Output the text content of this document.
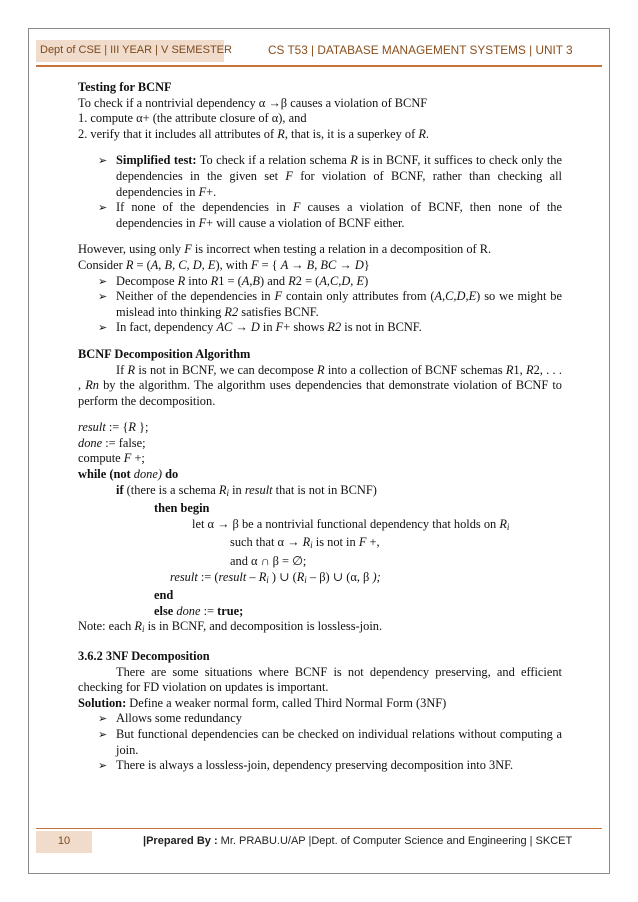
Dept of CSE | III YEAR | V SEMESTER	CS T53 | DATABASE MANAGEMENT SYSTEMS | UNIT 3

Testing for BCNF

To check if a nontrivial dependency α →β causes a violation of BCNF

1. compute α+ (the attribute closure of α), and

2. verify that it includes all attributes of R, that is, it is a superkey of R.

➢ Simplified test: To check if a relation schema R is in BCNF, it suffices to check only the dependencies in the given set F for violation of BCNF, rather than checking all dependencies in F+.
➢ If none of the dependencies in F causes a violation of BCNF, then none of the dependencies in F+ will cause a violation of BCNF either.

However, using only F is incorrect when testing a relation in a decomposition of R.

Consider R = (A, B, C, D, E), with F = { A → B, BC → D}

➢ Decompose R into R1 = (A,B) and R2 = (A,C,D, E)
➢ Neither of the dependencies in F contain only attributes from (A,C,D,E) so we might be mislead into thinking R2 satisfies BCNF.
➢ In fact, dependency AC → D in F+ shows R2 is not in BCNF.

BCNF Decomposition Algorithm

If R is not in BCNF, we can decompose R into a collection of BCNF schemas R1, R2, . . . , Rn by the algorithm. The algorithm uses dependencies that demonstrate violation of BCNF to perform the decomposition.

result := {R };

done := false;

compute F +;

while (not done) do

if (there is a schema $R_i$ in result that is not in BCNF)

then begin

let α → β be a nontrivial functional dependency that holds on $R_i$

such that $\alpha \to R_i$ is not in F +,

and α ∩ β = ∅;

result := (result – $R_i$ ) ∪ $(R_i - \beta)$ ∪ (α, β );

end

else done := true;

Note: each $R_i$ is in BCNF, and decomposition is lossless-join.

3.6.2 3NF Decomposition

There are some situations where BCNF is not dependency preserving, and efficient checking for FD violation on updates is important.

Solution: Define a weaker normal form, called Third Normal Form (3NF)

➢ Allows some redundancy
➢ But functional dependencies can be checked on individual relations without computing a join.
➢ There is always a lossless-join, dependency preserving decomposition into 3NF.
10	|Prepared By : Mr. PRABU.U/AP |Dept. of Computer Science and Engineering | SKCET
